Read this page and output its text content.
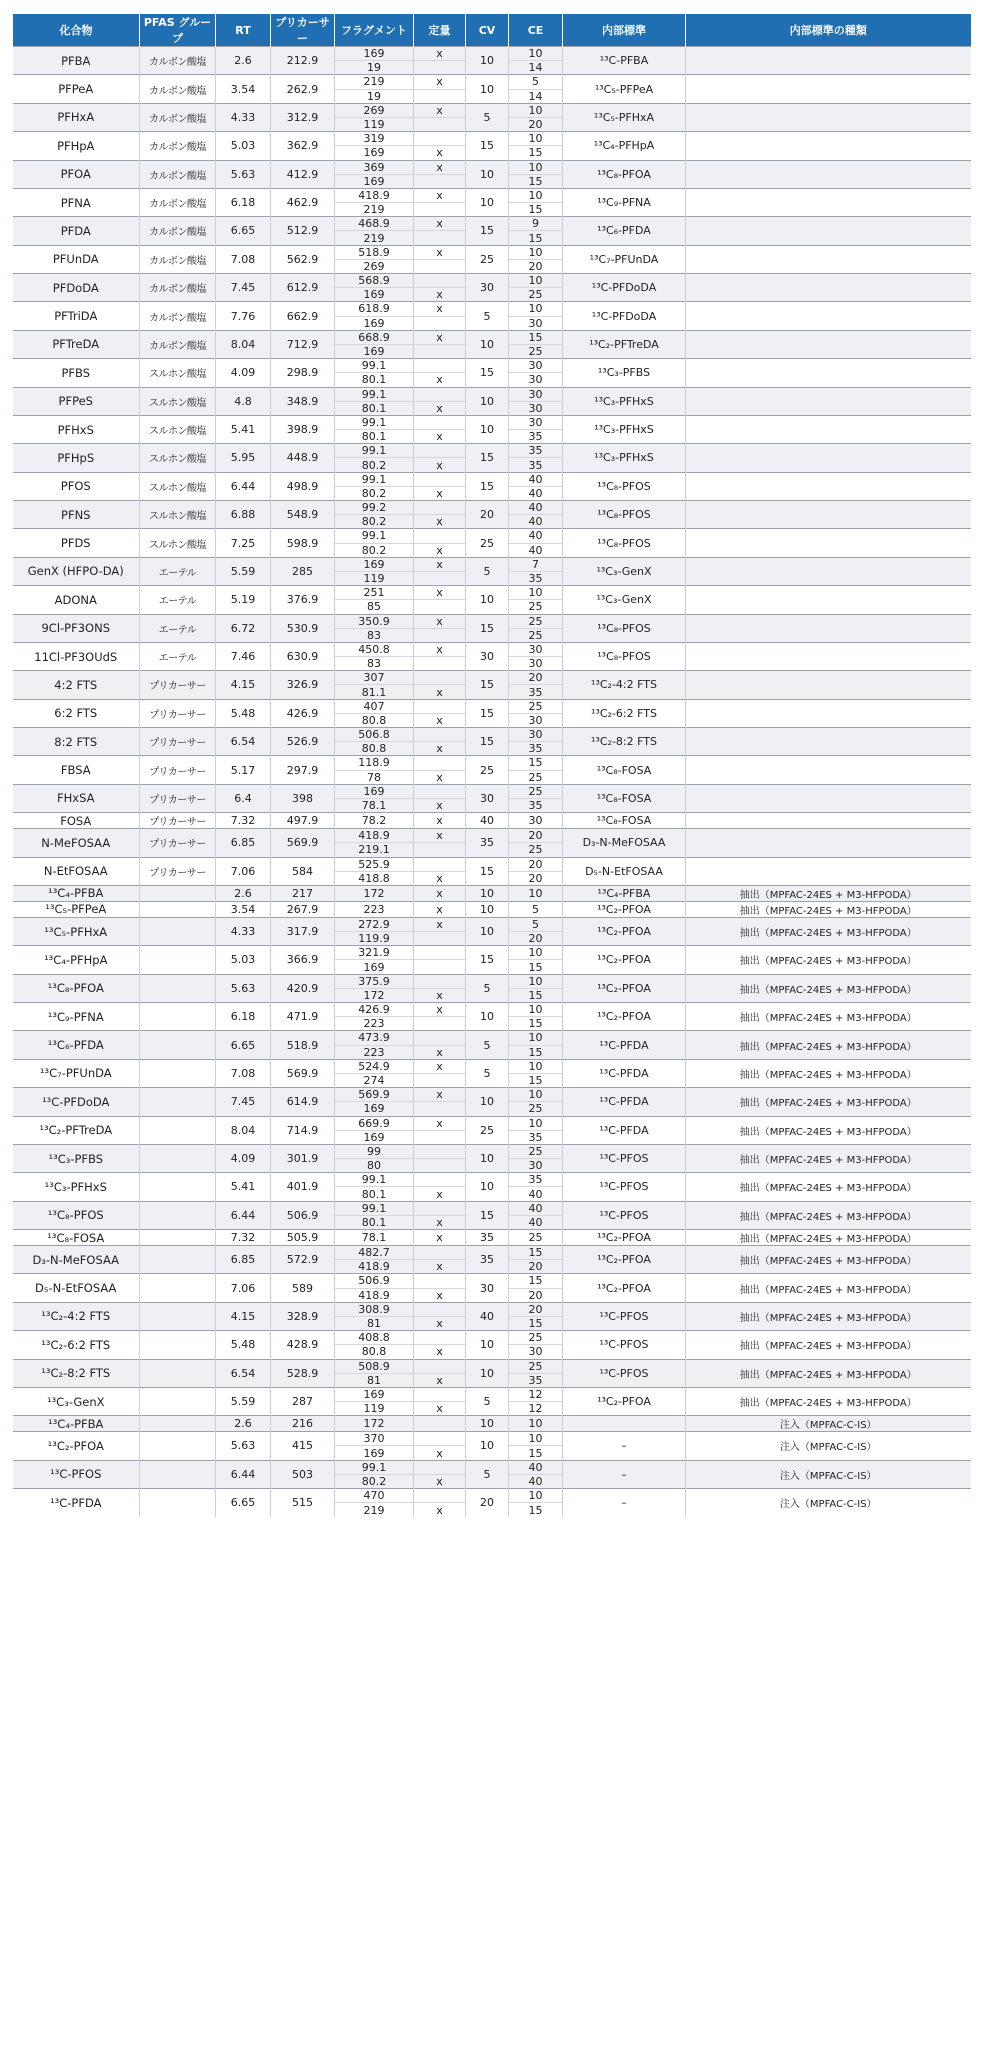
化合物	PFAS グループ	RT	プリカーサー	フラグメント	定量	CV	CE	内部標準	内部標準の種類
PFBA	カルボン酸塩	2.6	212.9	169	x	10	10	¹³C-PFBA	
				19			14		
PFPeA	カルボン酸塩	3.54	262.9	219	x	10	5	¹³C₅-PFPeA	
				19			14		
PFHxA	カルボン酸塩	4.33	312.9	269	x	5	10	¹³C₅-PFHxA	
				119			20		
PFHpA	カルボン酸塩	5.03	362.9	319		15	10	¹³C₄-PFHpA	
				169	x		15		
PFOA	カルボン酸塩	5.63	412.9	369	x	10	10	¹³C₈-PFOA	
				169			15		
PFNA	カルボン酸塩	6.18	462.9	418.9	x	10	10	¹³C₉-PFNA	
				219			15		
PFDA	カルボン酸塩	6.65	512.9	468.9	x	15	9	¹³C₆-PFDA	
				219			15		
PFUnDA	カルボン酸塩	7.08	562.9	518.9	x	25	10	¹³C₇-PFUnDA	
				269			20		
PFDoDA	カルボン酸塩	7.45	612.9	568.9		30	10	¹³C-PFDoDA	
				169	x		25		
PFTriDA	カルボン酸塩	7.76	662.9	618.9	x	5	10	¹³C-PFDoDA	
				169			30		
PFTreDA	カルボン酸塩	8.04	712.9	668.9	x	10	15	¹³C₂-PFTreDA	
				169			25		
PFBS	スルホン酸塩	4.09	298.9	99.1		15	30	¹³C₃-PFBS	
				80.1	x		30		
PFPeS	スルホン酸塩	4.8	348.9	99.1		10	30	¹³C₃-PFHxS	
				80.1	x		30		
PFHxS	スルホン酸塩	5.41	398.9	99.1		10	30	¹³C₃-PFHxS	
				80.1	x		35		
PFHpS	スルホン酸塩	5.95	448.9	99.1		15	35	¹³C₃-PFHxS	
				80.2	x		35		
PFOS	スルホン酸塩	6.44	498.9	99.1		15	40	¹³C₈-PFOS	
				80.2	x		40		
PFNS	スルホン酸塩	6.88	548.9	99.2		20	40	¹³C₈-PFOS	
				80.2	x		40		
PFDS	スルホン酸塩	7.25	598.9	99.1		25	40	¹³C₈-PFOS	
				80.2	x		40		
GenX (HFPO-DA)	エーテル	5.59	285	169	x	5	7	¹³C₃-GenX	
				119			35		
ADONA	エーテル	5.19	376.9	251	x	10	10	¹³C₃-GenX	
				85			25		
9Cl-PF3ONS	エーテル	6.72	530.9	350.9	x	15	25	¹³C₈-PFOS	
				83			25		
11Cl-PF3OUdS	エーテル	7.46	630.9	450.8	x	30	30	¹³C₈-PFOS	
				83			30		
4:2 FTS	プリカーサー	4.15	326.9	307		15	20	¹³C₂-4:2 FTS	
				81.1	x		35		
6:2 FTS	プリカーサー	5.48	426.9	407		15	25	¹³C₂-6:2 FTS	
				80.8	x		30		
8:2 FTS	プリカーサー	6.54	526.9	506.8		15	30	¹³C₂-8:2 FTS	
				80.8	x		35		
FBSA	プリカーサー	5.17	297.9	118.9		25	15	¹³C₈-FOSA	
				78	x		25		
FHxSA	プリカーサー	6.4	398	169		30	25	¹³C₈-FOSA	
				78.1	x		35		
FOSA	プリカーサー	7.32	497.9	78.2	x	40	30	¹³C₈-FOSA	
N-MeFOSAA	プリカーサー	6.85	569.9	418.9	x	35	20	D₃-N-MeFOSAA	
				219.1			25		
N-EtFOSAA	プリカーサー	7.06	584	525.9		15	20	D₅-N-EtFOSAA	
				418.8	x		20		
¹³C₄-PFBA		2.6	217	172	x	10	10	¹³C₄-PFBA	抽出（MPFAC-24ES + M3-HFPODA）
¹³C₅-PFPeA		3.54	267.9	223	x	10	5	¹³C₂-PFOA	抽出（MPFAC-24ES + M3-HFPODA）
¹³C₅-PFHxA		4.33	317.9	272.9	x	10	5	¹³C₂-PFOA	抽出（MPFAC-24ES + M3-HFPODA）
				119.9			20		
¹³C₄-PFHpA		5.03	366.9	321.9		15	10	¹³C₂-PFOA	抽出（MPFAC-24ES + M3-HFPODA）
				169			15		
¹³C₈-PFOA		5.63	420.9	375.9		5	10	¹³C₂-PFOA	抽出（MPFAC-24ES + M3-HFPODA）
				172	x		15		
¹³C₉-PFNA		6.18	471.9	426.9	x	10	10	¹³C₂-PFOA	抽出（MPFAC-24ES + M3-HFPODA）
				223			15		
¹³C₆-PFDA		6.65	518.9	473.9		5	10	¹³C-PFDA	抽出（MPFAC-24ES + M3-HFPODA）
				223	x		15		
¹³C₇-PFUnDA		7.08	569.9	524.9	x	5	10	¹³C-PFDA	抽出（MPFAC-24ES + M3-HFPODA）
				274			15		
¹³C-PFDoDA		7.45	614.9	569.9	x	10	10	¹³C-PFDA	抽出（MPFAC-24ES + M3-HFPODA）
				169			25		
¹³C₂-PFTreDA		8.04	714.9	669.9	x	25	10	¹³C-PFDA	抽出（MPFAC-24ES + M3-HFPODA）
				169			35		
¹³C₃-PFBS		4.09	301.9	99		10	25	¹³C-PFOS	抽出（MPFAC-24ES + M3-HFPODA）
				80			30		
¹³C₃-PFHxS		5.41	401.9	99.1		10	35	¹³C-PFOS	抽出（MPFAC-24ES + M3-HFPODA）
				80.1	x		40		
¹³C₈-PFOS		6.44	506.9	99.1		15	40	¹³C-PFOS	抽出（MPFAC-24ES + M3-HFPODA）
				80.1	x		40		
¹³C₈-FOSA		7.32	505.9	78.1	x	35	25	¹³C₂-PFOA	抽出（MPFAC-24ES + M3-HFPODA）
D₃-N-MeFOSAA		6.85	572.9	482.7		35	15	¹³C₂-PFOA	抽出（MPFAC-24ES + M3-HFPODA）
				418.9	x		20		
D₅-N-EtFOSAA		7.06	589	506.9		30	15	¹³C₂-PFOA	抽出（MPFAC-24ES + M3-HFPODA）
				418.9	x		20		
¹³C₂-4:2 FTS		4.15	328.9	308.9		40	20	¹³C-PFOS	抽出（MPFAC-24ES + M3-HFPODA）
				81	x		15		
¹³C₂-6:2 FTS		5.48	428.9	408.8		10	25	¹³C-PFOS	抽出（MPFAC-24ES + M3-HFPODA）
				80.8	x		30		
¹³C₂-8:2 FTS		6.54	528.9	508.9		10	25	¹³C-PFOS	抽出（MPFAC-24ES + M3-HFPODA）
				81	x		35		
¹³C₃-GenX		5.59	287	169		5	12	¹³C₂-PFOA	抽出（MPFAC-24ES + M3-HFPODA）
				119	x		12		
¹³C₄-PFBA		2.6	216	172		10	10		注入（MPFAC-C-IS）
¹³C₂-PFOA		5.63	415	370		10	10	–	注入（MPFAC-C-IS）
				169	x		15		
¹³C-PFOS		6.44	503	99.1		5	40	–	注入（MPFAC-C-IS）
				80.2	x		40		
¹³C-PFDA		6.65	515	470		20	10	–	注入（MPFAC-C-IS）
				219	x		15		
